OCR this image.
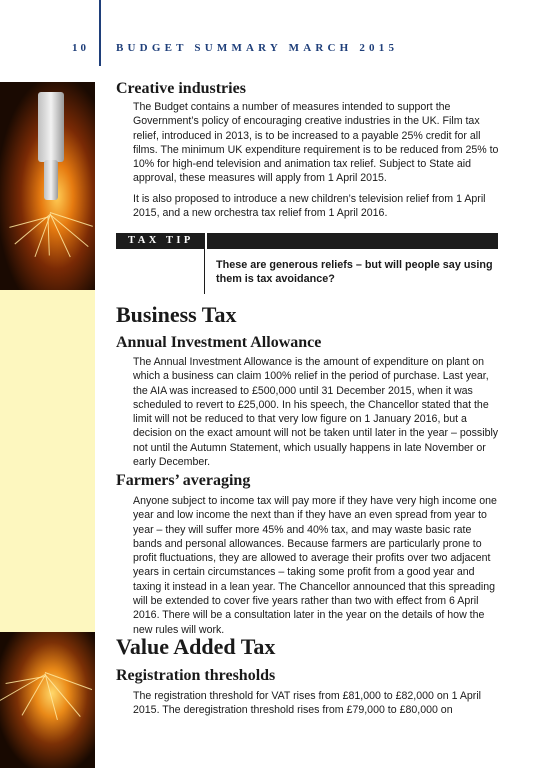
10 BUDGET SUMMARY MARCH 2015
Creative industries

The Budget contains a number of measures intended to support the Government’s policy of encouraging creative industries in the UK. Film tax relief, introduced in 2013, is to be increased to a payable 25% credit for all films. The minimum UK expenditure requirement is to be reduced from 25% to 10% for high-end television and animation tax relief. Subject to State aid approval, these measures will apply from 1 April 2015.

It is also proposed to introduce a new children’s television relief from 1 April 2015, and a new orchestra tax relief from 1 April 2016.

TAX TIP

These are generous reliefs – but will people say using them is tax avoidance?

Business Tax
Annual Investment Allowance

The Annual Investment Allowance is the amount of expenditure on plant on which a business can claim 100% relief in the period of purchase. Last year, the AIA was increased to £500,000 until 31 December 2015, when it was scheduled to revert to £25,000. In his speech, the Chancellor stated that the limit will not be reduced to that very low figure on 1 January 2016, but a decision on the exact amount will not be taken until later in the year – possibly not until the Autumn Statement, which usually happens in late November or early December.

Farmers’ averaging

Anyone subject to income tax will pay more if they have very high income one year and low income the next than if they have an even spread from year to year – they will suffer more 45% and 40% tax, and may waste basic rate bands and personal allowances. Because farmers are particularly prone to profit fluctuations, they are allowed to average their profits over two adjacent years in certain circumstances – taking some profit from a good year and taxing it instead in a lean year. The Chancellor announced that this spreading will be extended to cover five years rather than two with effect from 6 April 2016. There will be a consultation later in the year on the details of how the new rules will work.

Value Added Tax
Registration thresholds

The registration threshold for VAT rises from £81,000 to £82,000 on 1 April 2015. The deregistration threshold rises from £79,000 to £80,000 on
